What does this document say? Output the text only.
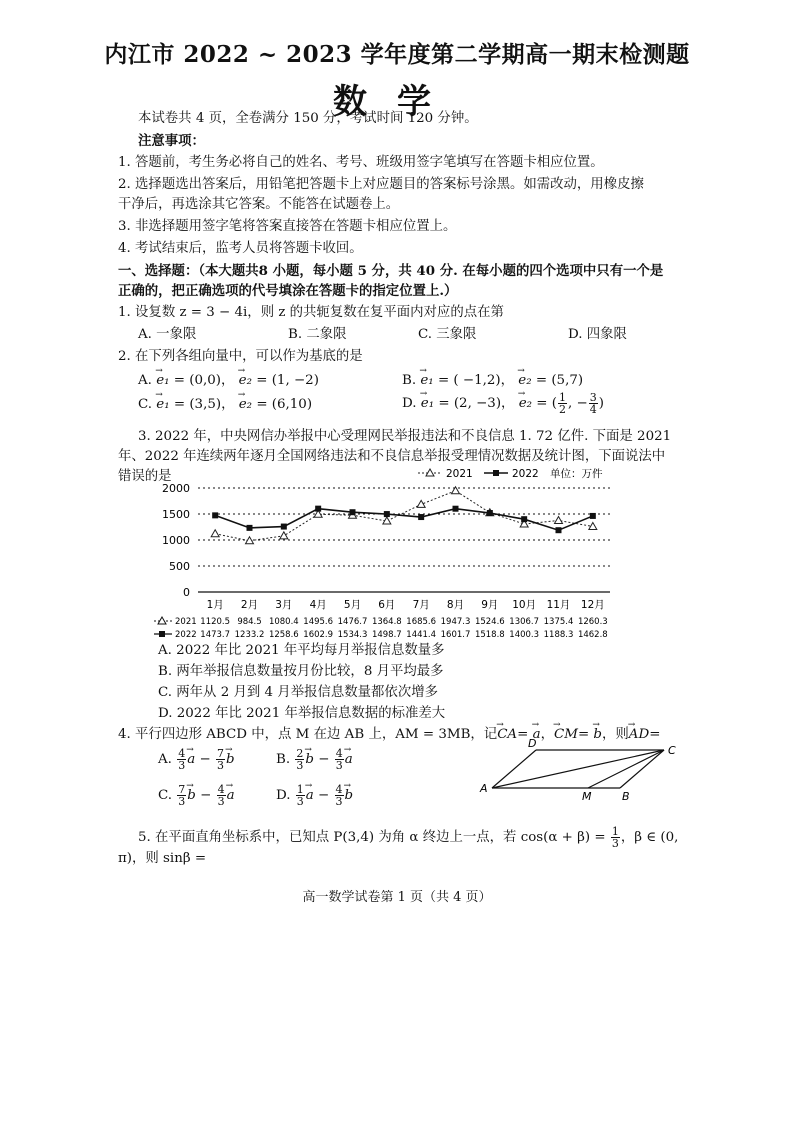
内江市 2022 ~ 2023 学年度第二学期高一期末检测题
数学
本试卷共 4 页，全卷满分 150 分，考试时间 120 分钟。
注意事项：
1. 答题前，考生务必将自己的姓名、考号、班级用签字笔填写在答题卡相应位置。
2. 选择题选出答案后，用铅笔把答题卡上对应题目的答案标号涂黑。如需改动，用橡皮擦
干净后，再选涂其它答案。不能答在试题卷上。
3. 非选择题用签字笔将答案直接答在答题卡相应位置上。
4. 考试结束后，监考人员将答题卡收回。
一、选择题：（本大题共8 小题，每小题 5 分，共 40 分. 在每小题的四个选项中只有一个是
正确的，把正确选项的代号填涂在答题卡的指定位置上.）
1. 设复数 z = 3 − 4i，则 z 的共轭复数在复平面内对应的点在第
A. 一象限	B. 二象限	C. 三象限	D. 四象限
2. 在下列各组向量中，可以作为基底的是
A. → e₁ = (0,0)， → e₂ = (1, −2)	B. → e₁ = ( −1,2)， → e₂ = (5,7)
C. → e₁ = (3,5)， → e₂ = (6,10)	D. → e₁ = (2, −3)， → e₂ = ( $\frac{1}{2}$ , − $\frac{3}{4}$ )
3. 2022 年，中央网信办举报中心受理网民举报违法和不良信息 1. 72 亿件. 下面是 2021
年、2022 年连续两年逐月全国网络违法和不良信息举报受理情况数据及统计图，下面说法中
错误的是
0
500
1000
1500
2000
1月 2月 3月 4月 5月 6月 7月 8月 9月 10月 11月 12月
2021	2022 单位：万件
2021 1120.5 984.5 1080.4 1495.6 1476.7 1364.8 1685.6 1947.3 1524.6 1306.7 1375.4 1260.3
2022 1473.7 1233.2 1258.6 1602.9 1534.3 1498.7 1441.4 1601.7 1518.8 1400.3 1188.3 1462.8
A. 2022 年比 2021 年平均每月举报信息数量多
B. 两年举报信息数量按月份比较，8 月平均最多
C. 两年从 2 月到 4 月举报信息数量都依次增多
D. 2022 年比 2021 年举报信息数据的标准差大
4. 平行四边形 ABCD 中，点 M 在边 AB 上，AM = 3MB，记→ CA= → a，→ CM= → b，则→ AD=
A. $\frac{4}{3}$
→ $a - \frac{7}{3}$
→ b	B. $\frac{2}{3}$
→ $b - \frac{4}{3}$
→ a
C. $\frac{7}{3}$
→ $b - \frac{4}{3}$
→ a	D. $\frac{1}{3}$
→ $a - \frac{4}{3}$
→ b	A
B
C
D
M
5. 在平面直角坐标系中，已知点 P(3,4) 为角 α 终边上一点，若 $\cos(\alpha + \beta) = \frac{1}{3}$ ，β ∈ (0,
π)，则 sinβ =
高一数学试卷第 1 页（共 4 页）
